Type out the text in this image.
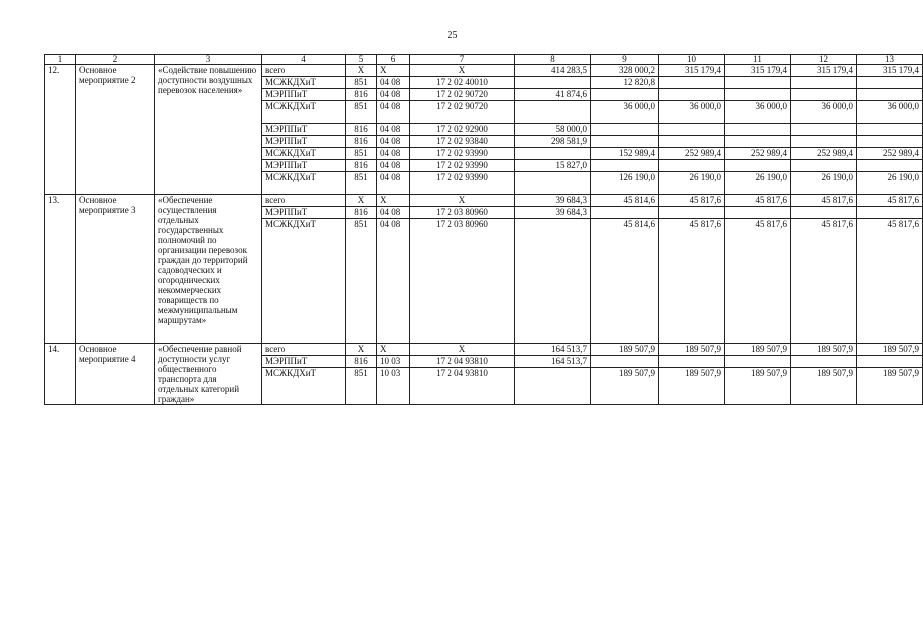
25
1	2	3	4	5	6	7	8	9	10	11	12	13
12.	Основное мероприятие 2	«Содействие повышению доступности воздушных перевозок населения»	всего	X	X	X	414 283,5	328 000,2	315 179,4	315 179,4	315 179,4	315 179,4
			МСЖКДХиТ	851	04 08	17 2 02 40010		12 820,8				
			МЭРППиТ	816	04 08	17 2 02 90720	41 874,6					
			МСЖКДХиТ	851	04 08	17 2 02 90720		36 000,0	36 000,0	36 000,0	36 000,0	36 000,0
			МЭРППиТ	816	04 08	17 2 02 92900	58 000,0					
			МЭРППиТ	816	04 08	17 2 02 93840	298 581,9					
			МСЖКДХиТ	851	04 08	17 2 02 93990		152 989,4	252 989,4	252 989,4	252 989,4	252 989,4
			МЭРППиТ	816	04 08	17 2 02 93990	15 827,0					
			МСЖКДХиТ	851	04 08	17 2 02 93990		126 190,0	26 190,0	26 190,0	26 190,0	26 190,0
13.	Основное мероприятие 3	«Обеспечение осуществления отдельных государственных полномочий по организации перевозок граждан до территорий садоводческих и огороднических некоммерческих товариществ по межмуниципальным маршрутам»	всего	X	X	X	39 684,3	45 814,6	45 817,6	45 817,6	45 817,6	45 817,6
			МЭРППиТ	816	04 08	17 2 03 80960	39 684,3					
			МСЖКДХиТ	851	04 08	17 2 03 80960		45 814,6	45 817,6	45 817,6	45 817,6	45 817,6
14.	Основное мероприятие 4	«Обеспечение равной доступности услуг общественного транспорта для отдельных категорий граждан»	всего	X	X	X	164 513,7	189 507,9	189 507,9	189 507,9	189 507,9	189 507,9
			МЭРППиТ	816	10 03	17 2 04 93810	164 513,7					
			МСЖКДХиТ	851	10 03	17 2 04 93810		189 507,9	189 507,9	189 507,9	189 507,9	189 507,9
